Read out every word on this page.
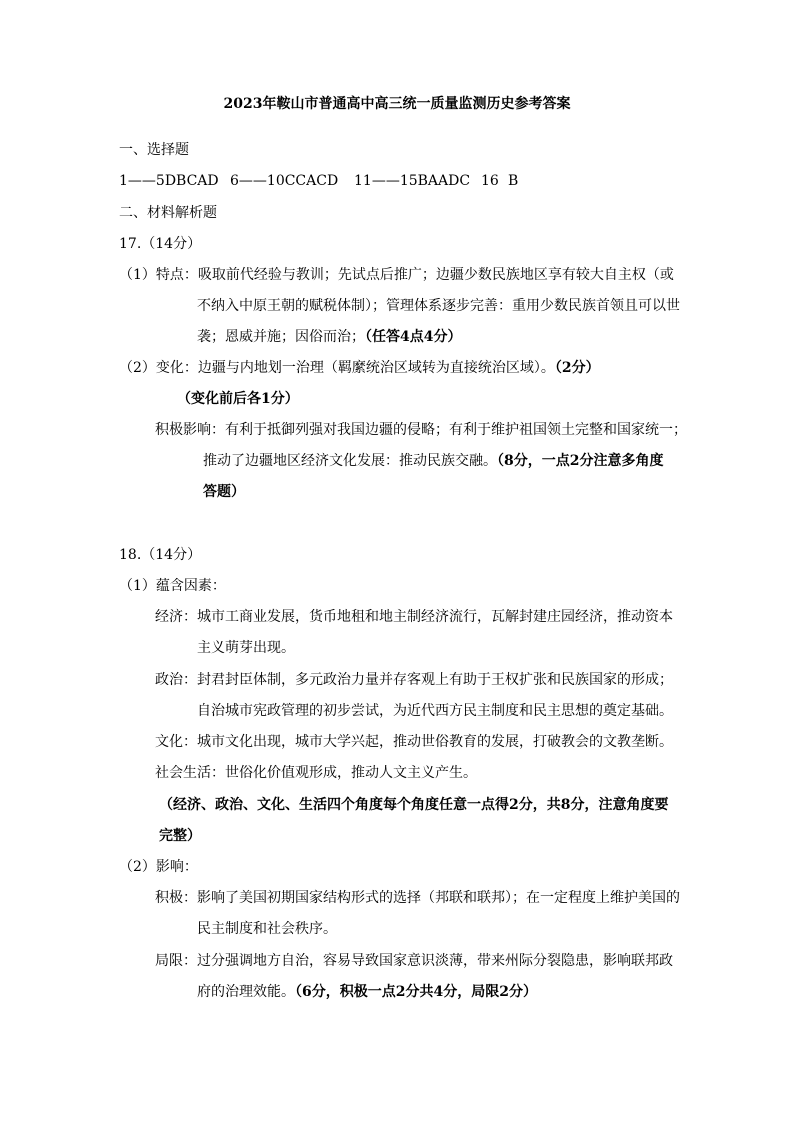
2023年鞍山市普通高中高三统一质量监测历史参考答案
一、选择题
1——5DBCAD 6——10CCACD 11——15BAADC 16 B
二、材料解析题
17.（14分）
（1）特点：吸取前代经验与教训；先试点后推广；边疆少数民族地区享有较大自主权（或
不纳入中原王朝的赋税体制）；管理体系逐步完善：重用少数民族首领且可以世
袭；恩威并施；因俗而治；（任答4点4分）
（2）变化：边疆与内地划一治理（羁縻统治区域转为直接统治区域）。（2分）
（变化前后各1分）
积极影响：有利于抵御列强对我国边疆的侵略；有利于维护祖国领土完整和国家统一；
推动了边疆地区经济文化发展：推动民族交融。（8分，一点2分注意多角度
答题）
18.（14分）
（1）蕴含因素：
经济：城市工商业发展，货币地租和地主制经济流行，瓦解封建庄园经济，推动资本
主义萌芽出现。
政治：封君封臣体制，多元政治力量并存客观上有助于王权扩张和民族国家的形成；
自治城市宪政管理的初步尝试，为近代西方民主制度和民主思想的奠定基础。
文化：城市文化出现，城市大学兴起，推动世俗教育的发展，打破教会的文教垄断。
社会生活：世俗化价值观形成，推动人文主义产生。
（经济、政治、文化、生活四个角度每个角度任意一点得2分，共8分，注意角度要
完整）
（2）影响：
积极：影响了美国初期国家结构形式的选择（邦联和联邦）；在一定程度上维护美国的
民主制度和社会秩序。
局限：过分强调地方自治，容易导致国家意识淡薄，带来州际分裂隐患，影响联邦政
府的治理效能。（6分，积极一点2分共4分，局限2分）
